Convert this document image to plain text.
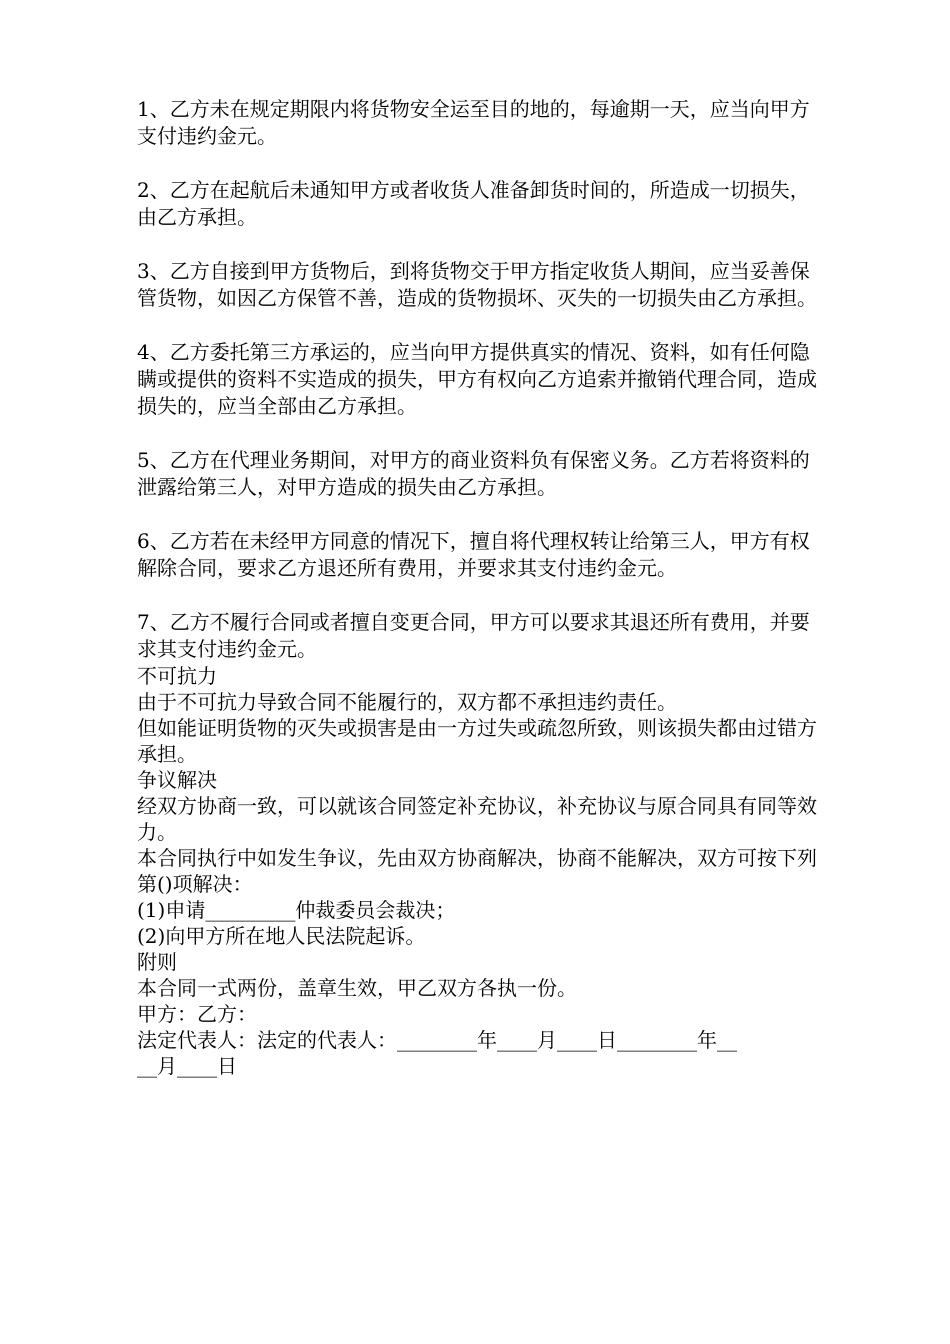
1、乙方未在规定期限内将货物安全运至目的地的，每逾期一天，应当向甲方支付违约金元。

2、乙方在起航后未通知甲方或者收货人准备卸货时间的，所造成一切损失，由乙方承担。

3、乙方自接到甲方货物后，到将货物交于甲方指定收货人期间，应当妥善保管货物，如因乙方保管不善，造成的货物损坏、灭失的一切损失由乙方承担。

4、乙方委托第三方承运的，应当向甲方提供真实的情况、资料，如有任何隐瞒或提供的资料不实造成的损失，甲方有权向乙方追索并撤销代理合同，造成损失的，应当全部由乙方承担。

5、乙方在代理业务期间，对甲方的商业资料负有保密义务。乙方若将资料的泄露给第三人，对甲方造成的损失由乙方承担。

6、乙方若在未经甲方同意的情况下，擅自将代理权转让给第三人，甲方有权解除合同，要求乙方退还所有费用，并要求其支付违约金元。

7、乙方不履行合同或者擅自变更合同，甲方可以要求其退还所有费用，并要求其支付违约金元。

不可抗力

由于不可抗力导致合同不能履行的，双方都不承担违约责任。

但如能证明货物的灭失或损害是由一方过失或疏忽所致，则该损失都由过错方承担。

争议解决

经双方协商一致，可以就该合同签定补充协议，补充协议与原合同具有同等效力。

本合同执行中如发生争议，先由双方协商解决，协商不能解决，双方可按下列第()项解决：

(1)申请_________仲裁委员会裁决；

(2)向甲方所在地人民法院起诉。

附则

本合同一式两份，盖章生效，甲乙双方各执一份。

甲方：乙方：

法定代表人：法定的代表人：________年____月____日________年__

__月____日
